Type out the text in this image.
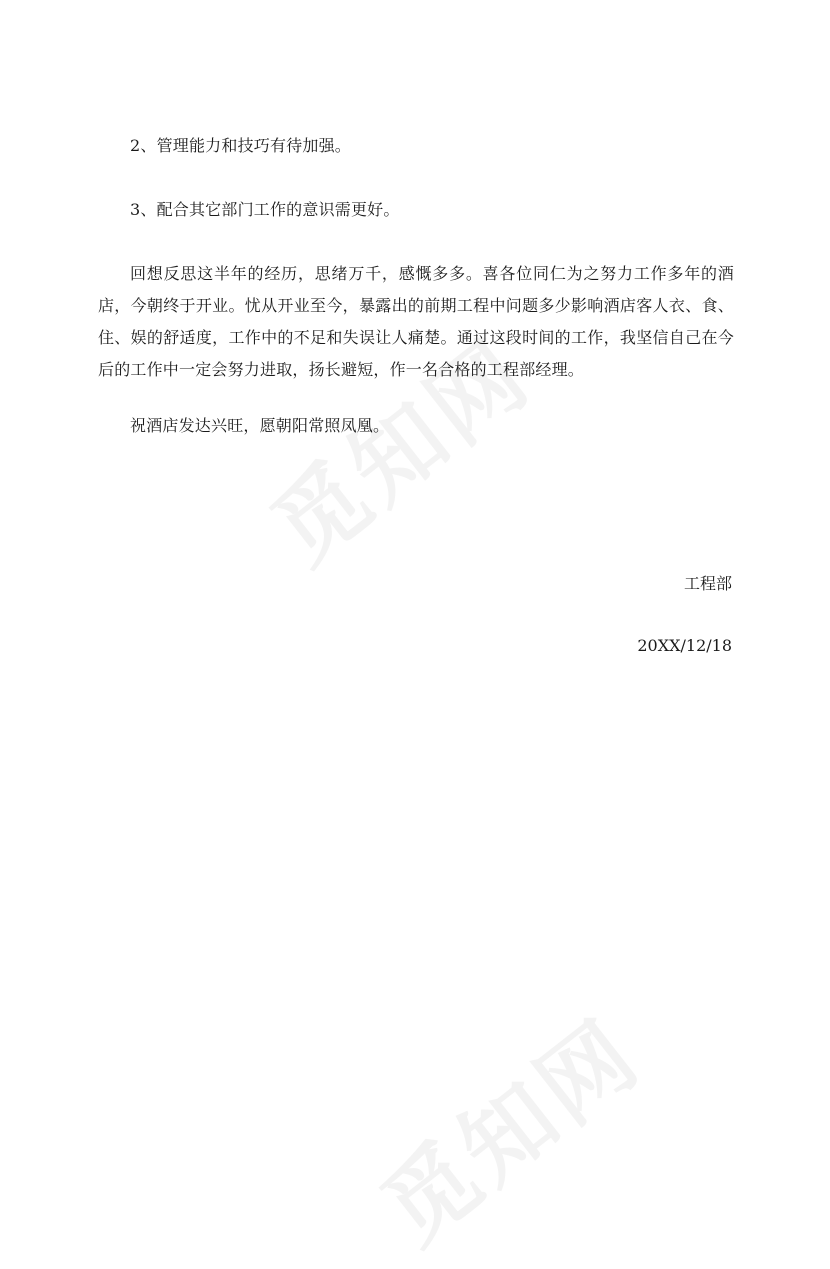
2、管理能力和技巧有待加强。

3、配合其它部门工作的意识需更好。

回想反思这半年的经历，思绪万千，感慨多多。喜各位同仁为之努力工作多年的酒店，今朝终于开业。忧从开业至今，暴露出的前期工程中问题多少影响酒店客人衣、食、住、娱的舒适度，工作中的不足和失误让人痛楚。通过这段时间的工作，我坚信自己在今后的工作中一定会努力进取，扬长避短，作一名合格的工程部经理。

祝酒店发达兴旺，愿朝阳常照凤凰。

工程部

20XX/12/18
